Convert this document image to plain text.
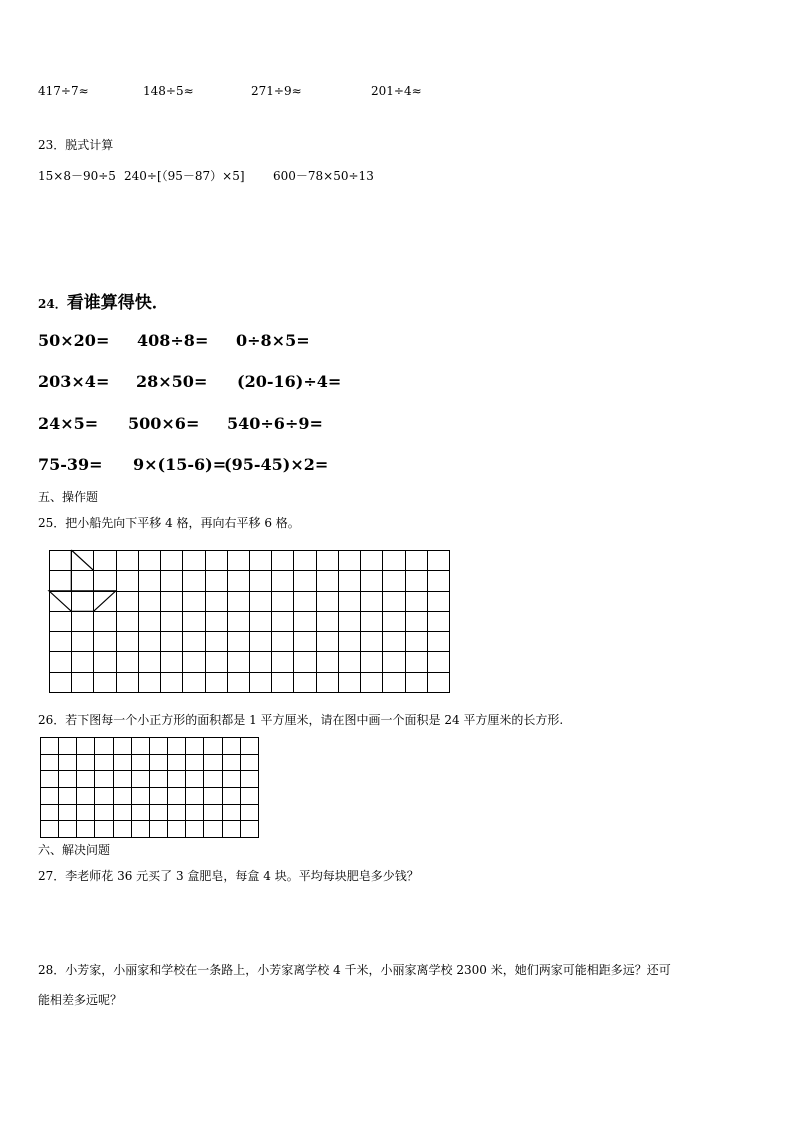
417÷7≈	148÷5≈	271÷9≈	201÷4≈
23．脱式计算
15×8－90÷5 240÷[（95－87）×5] 600－78×50÷13
24．看谁算得快．
50×20= 408÷8= 0÷8×5=
203×4= 28×50= (20-16)÷4=
24×5= 500×6= 540÷6÷9=
75-39= 9×(15-6)=
(95-45)×2=
五、操作题
25．把小船先向下平移 4 格，再向右平移 6 格。
26．若下图每一个小正方形的面积都是 1 平方厘米，请在图中画一个面积是 24 平方厘米的长方形.
六、解决问题
27．李老师花 36 元买了 3 盒肥皂，每盒 4 块。平均每块肥皂多少钱？
28．小芳家，小丽家和学校在一条路上，小芳家离学校 4 千米，小丽家离学校 2300 米，她们两家可能相距多远？还可
能相差多远呢？
